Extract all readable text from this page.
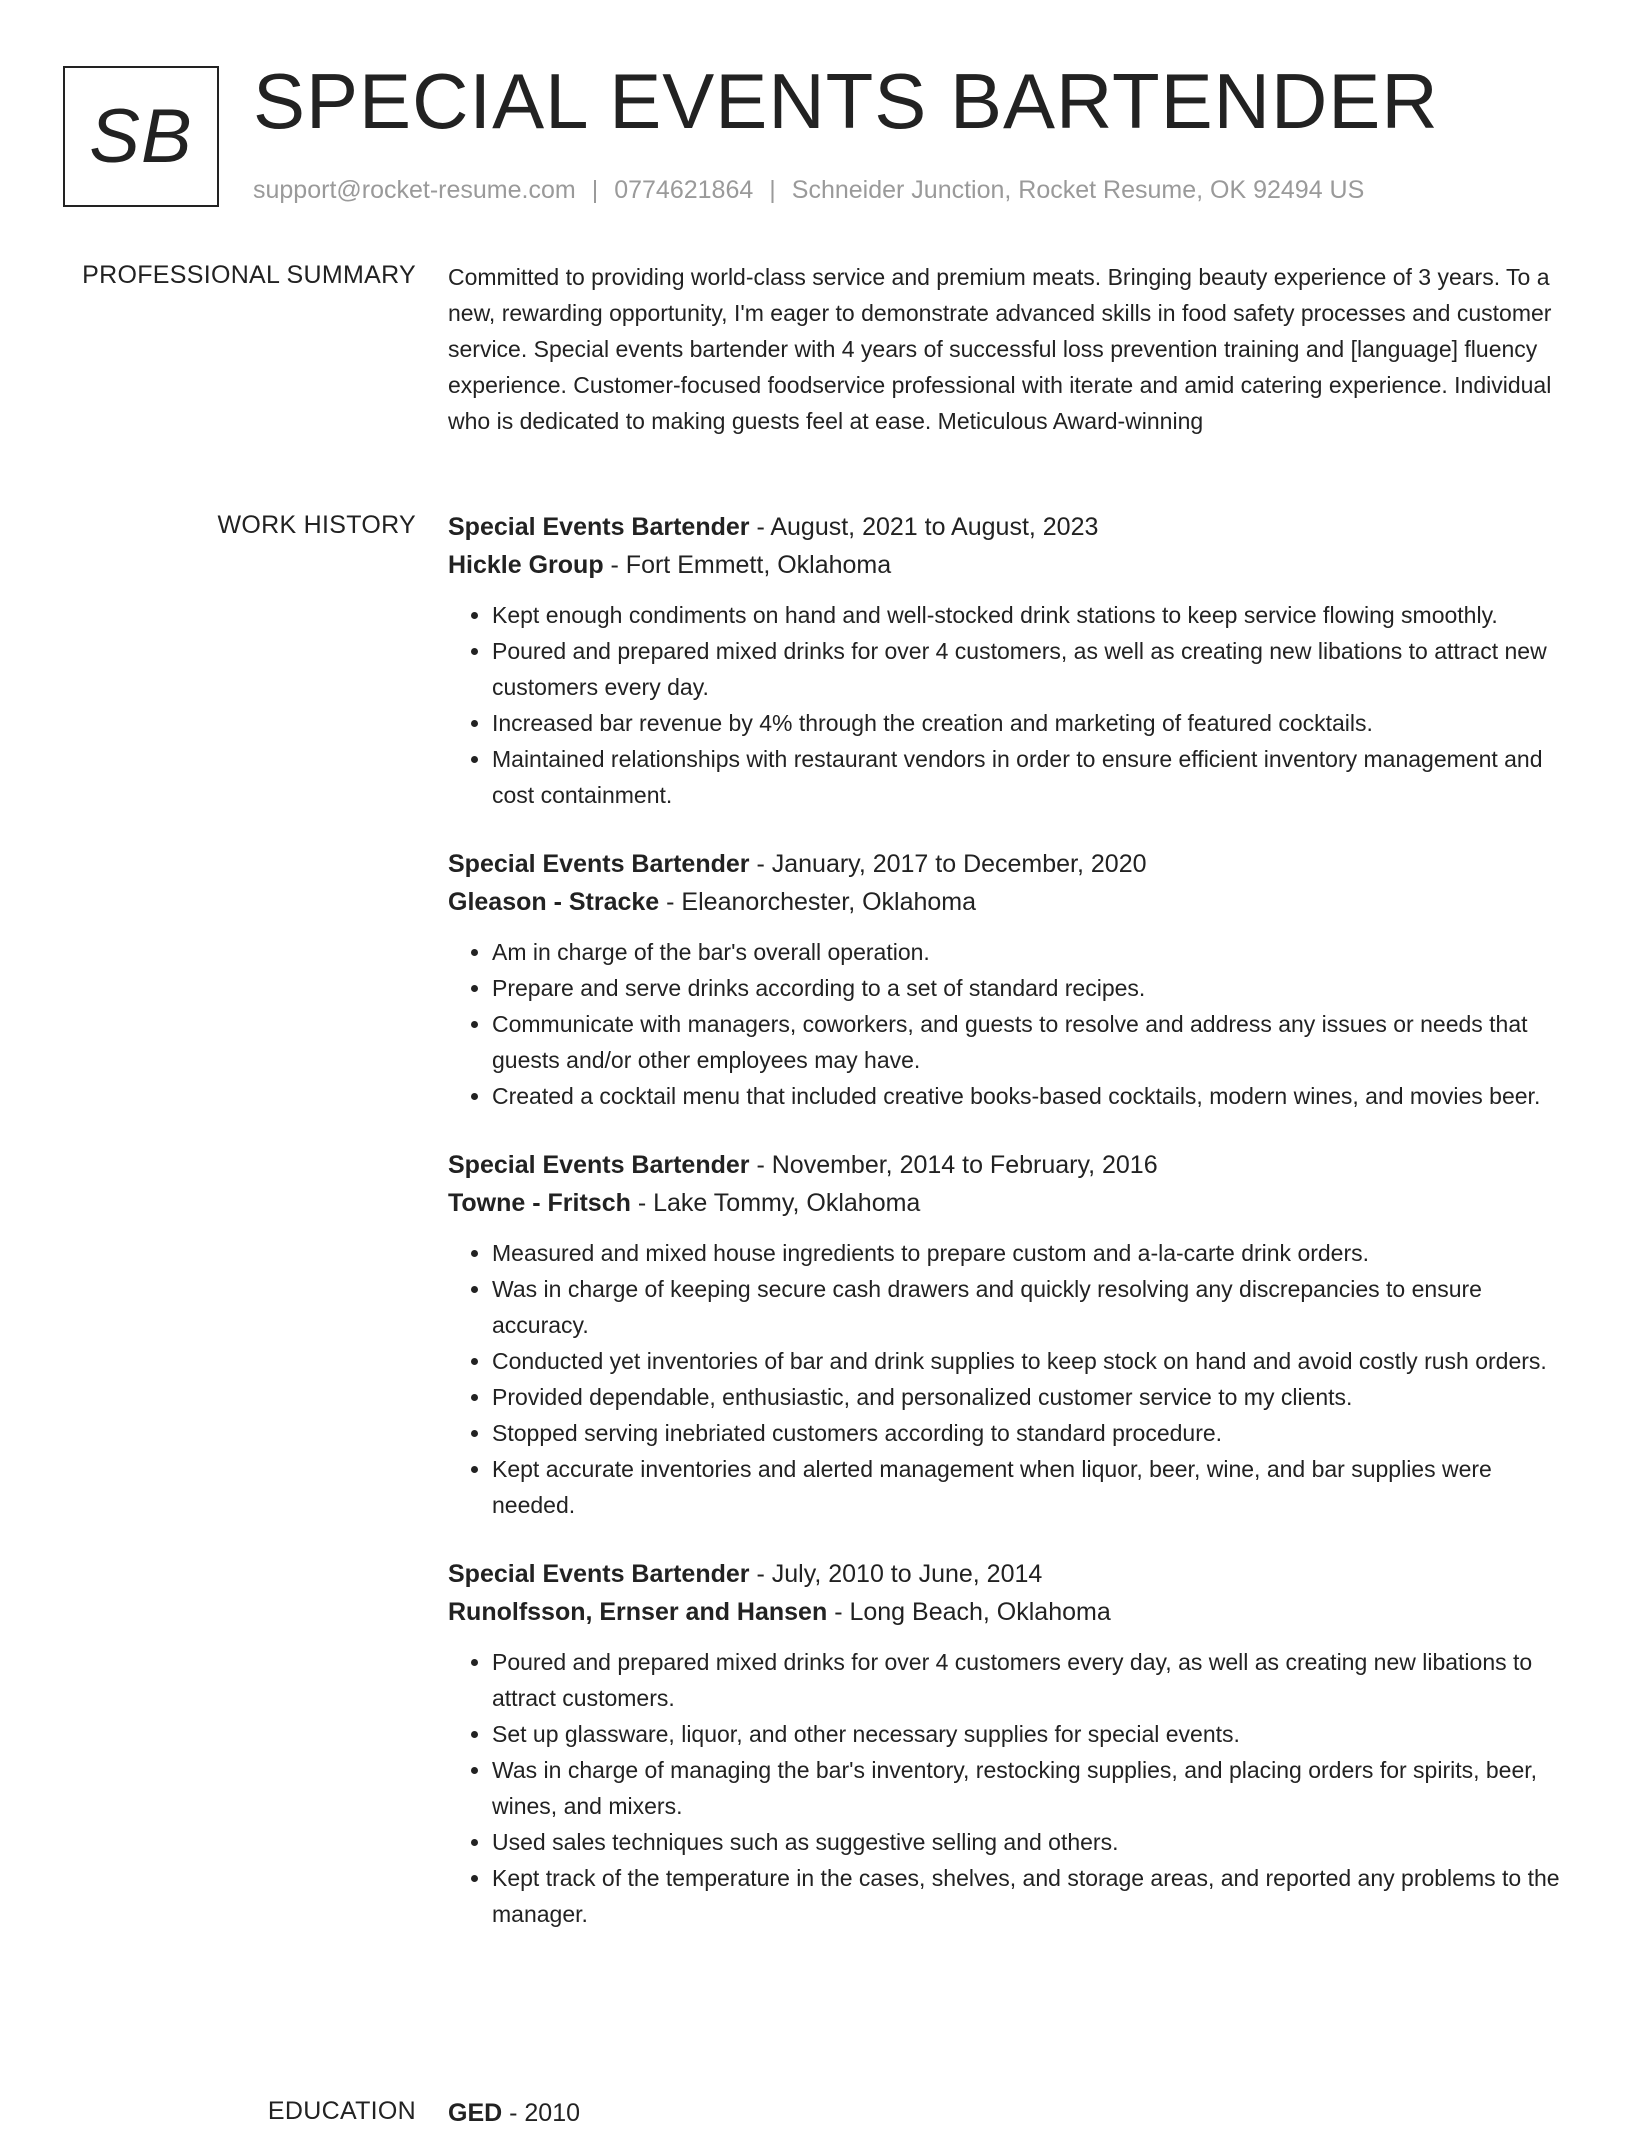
SB SPECIAL EVENTS BARTENDER
support@rocket-resume.com | 0774621864 | Schneider Junction, Rocket Resume, OK 92494 US
PROFESSIONAL SUMMARY Committed to providing world-class service and premium meats. Bringing beauty experience of 3 years. To a new, rewarding opportunity, I'm eager to demonstrate advanced skills in food safety processes and customer service. Special events bartender with 4 years of successful loss prevention training and [language] fluency experience. Customer-focused foodservice professional with iterate and amid catering experience. Individual who is dedicated to making guests feel at ease. Meticulous Award-winning

WORK HISTORY Special Events Bartender - August, 2021 to August, 2023
Hickle Group - Fort Emmett, Oklahoma
• Kept enough condiments on hand and well-stocked drink stations to keep service flowing smoothly.
• Poured and prepared mixed drinks for over 4 customers, as well as creating new libations to attract new customers every day.
• Increased bar revenue by 4% through the creation and marketing of featured cocktails.
• Maintained relationships with restaurant vendors in order to ensure efficient inventory management and cost containment.
Special Events Bartender - January, 2017 to December, 2020
Gleason - Stracke - Eleanorchester, Oklahoma
• Am in charge of the bar's overall operation.
• Prepare and serve drinks according to a set of standard recipes.
• Communicate with managers, coworkers, and guests to resolve and address any issues or needs that guests and/or other employees may have.
• Created a cocktail menu that included creative books-based cocktails, modern wines, and movies beer.
Special Events Bartender - November, 2014 to February, 2016
Towne - Fritsch - Lake Tommy, Oklahoma
• Measured and mixed house ingredients to prepare custom and a-la-carte drink orders.
• Was in charge of keeping secure cash drawers and quickly resolving any discrepancies to ensure accuracy.
• Conducted yet inventories of bar and drink supplies to keep stock on hand and avoid costly rush orders.
• Provided dependable, enthusiastic, and personalized customer service to my clients.
• Stopped serving inebriated customers according to standard procedure.
• Kept accurate inventories and alerted management when liquor, beer, wine, and bar supplies were needed.
Special Events Bartender - July, 2010 to June, 2014
Runolfsson, Ernser and Hansen - Long Beach, Oklahoma
• Poured and prepared mixed drinks for over 4 customers every day, as well as creating new libations to attract customers.
• Set up glassware, liquor, and other necessary supplies for special events.
• Was in charge of managing the bar's inventory, restocking supplies, and placing orders for spirits, beer, wines, and mixers.
• Used sales techniques such as suggestive selling and others.
• Kept track of the temperature in the cases, shelves, and storage areas, and reported any problems to the manager.
EDUCATION GED - 2010
